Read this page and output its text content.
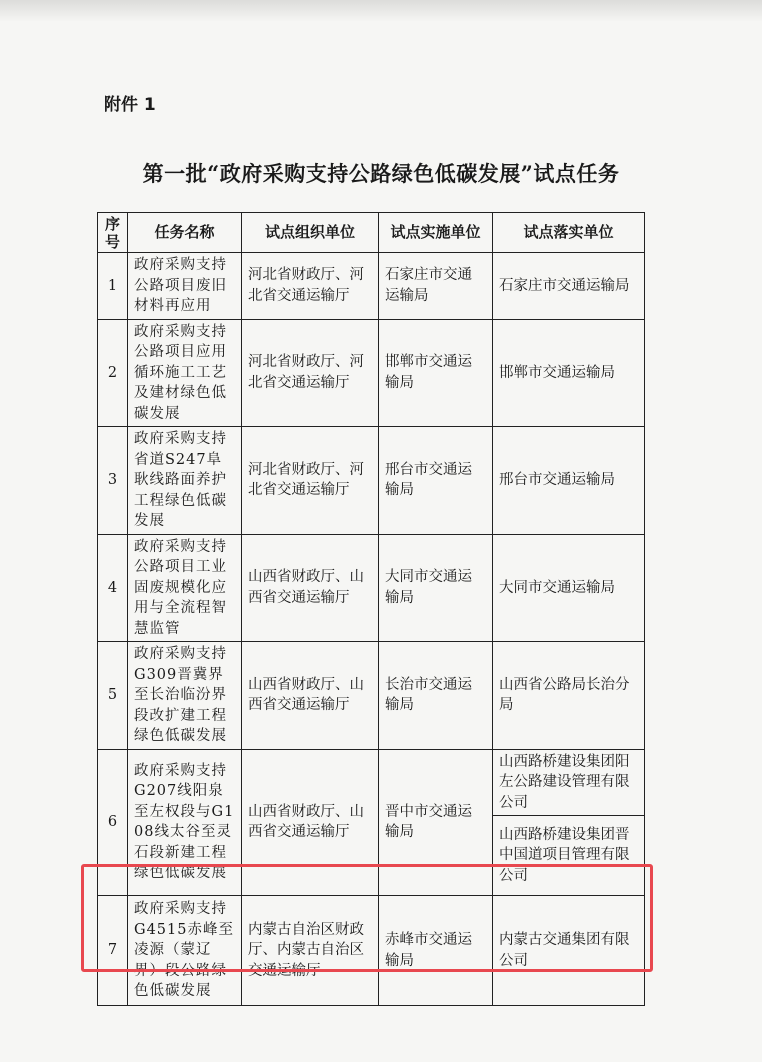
附件 1
第一批“政府采购支持公路绿色低碳发展”试点任务
序号	任务名称	试点组织单位	试点实施单位	试点落实单位
1	政府采购支持公路项目废旧材料再应用	河北省财政厅、河北省交通运输厅	石家庄市交通运输局	石家庄市交通运输局
2	政府采购支持公路项目应用循环施工工艺及建材绿色低碳发展	河北省财政厅、河北省交通运输厅	邯郸市交通运输局	邯郸市交通运输局
3	政府采购支持省道S247阜耿线路面养护工程绿色低碳发展	河北省财政厅、河北省交通运输厅	邢台市交通运输局	邢台市交通运输局
4	政府采购支持公路项目工业固废规模化应用与全流程智慧监管	山西省财政厅、山西省交通运输厅	大同市交通运输局	大同市交通运输局
5	政府采购支持G309晋冀界至长治临汾界段改扩建工程绿色低碳发展	山西省财政厅、山西省交通运输厅	长治市交通运输局	山西省公路局长治分局
6	政府采购支持G207线阳泉至左权段与G108线太谷至灵石段新建工程绿色低碳发展	山西省财政厅、山西省交通运输厅	晋中市交通运输局	山西路桥建设集团阳左公路建设管理有限公司
				山西路桥建设集团晋中国道项目管理有限公司
7	政府采购支持G4515赤峰至凌源（蒙辽界）段公路绿色低碳发展	内蒙古自治区财政厅、内蒙古自治区交通运输厅	赤峰市交通运输局	内蒙古交通集团有限公司
